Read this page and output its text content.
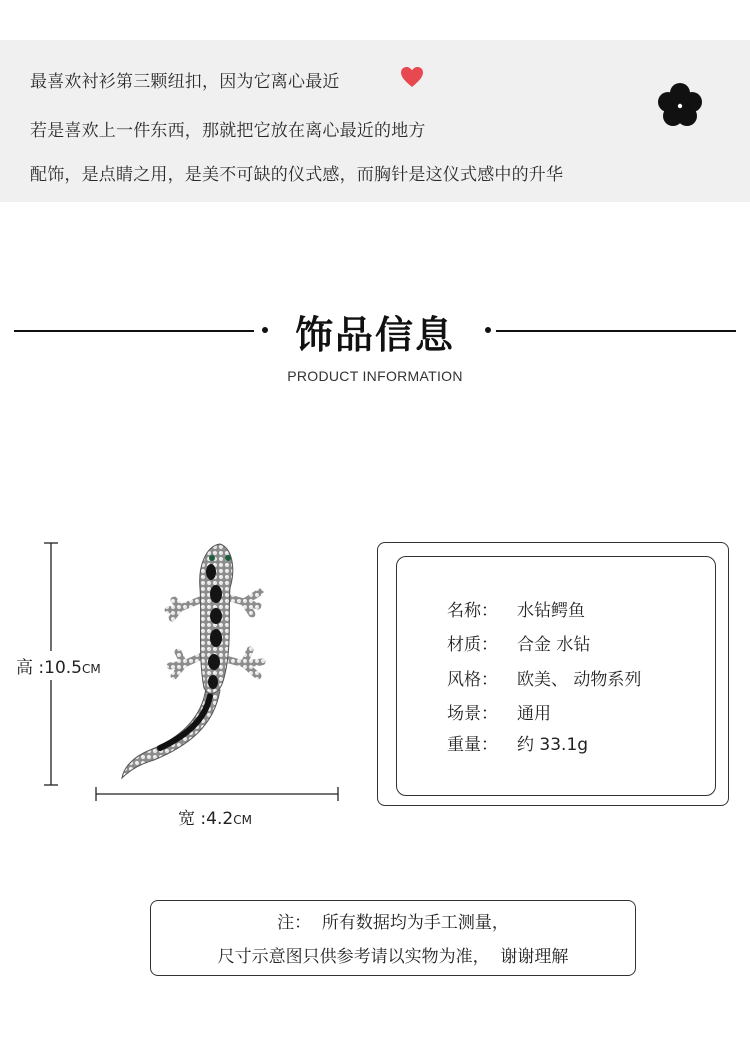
最喜欢衬衫第三颗纽扣，因为它离心最近
若是喜欢上一件东西，那就把它放在离心最近的地方
配饰，是点睛之用，是美不可缺的仪式感，而胸针是这仪式感中的升华
饰品信息
PRODUCT INFORMATION
高 :10.5CM
宽 :4.2CM
名称： 水钻鳄鱼
材质： 合金 水钻
风格： 欧美、 动物系列
场景： 通用
重量： 约 33.1g
注：  所有数据均为手工测量，
尺寸示意图只供参考请以实物为准，  谢谢理解
